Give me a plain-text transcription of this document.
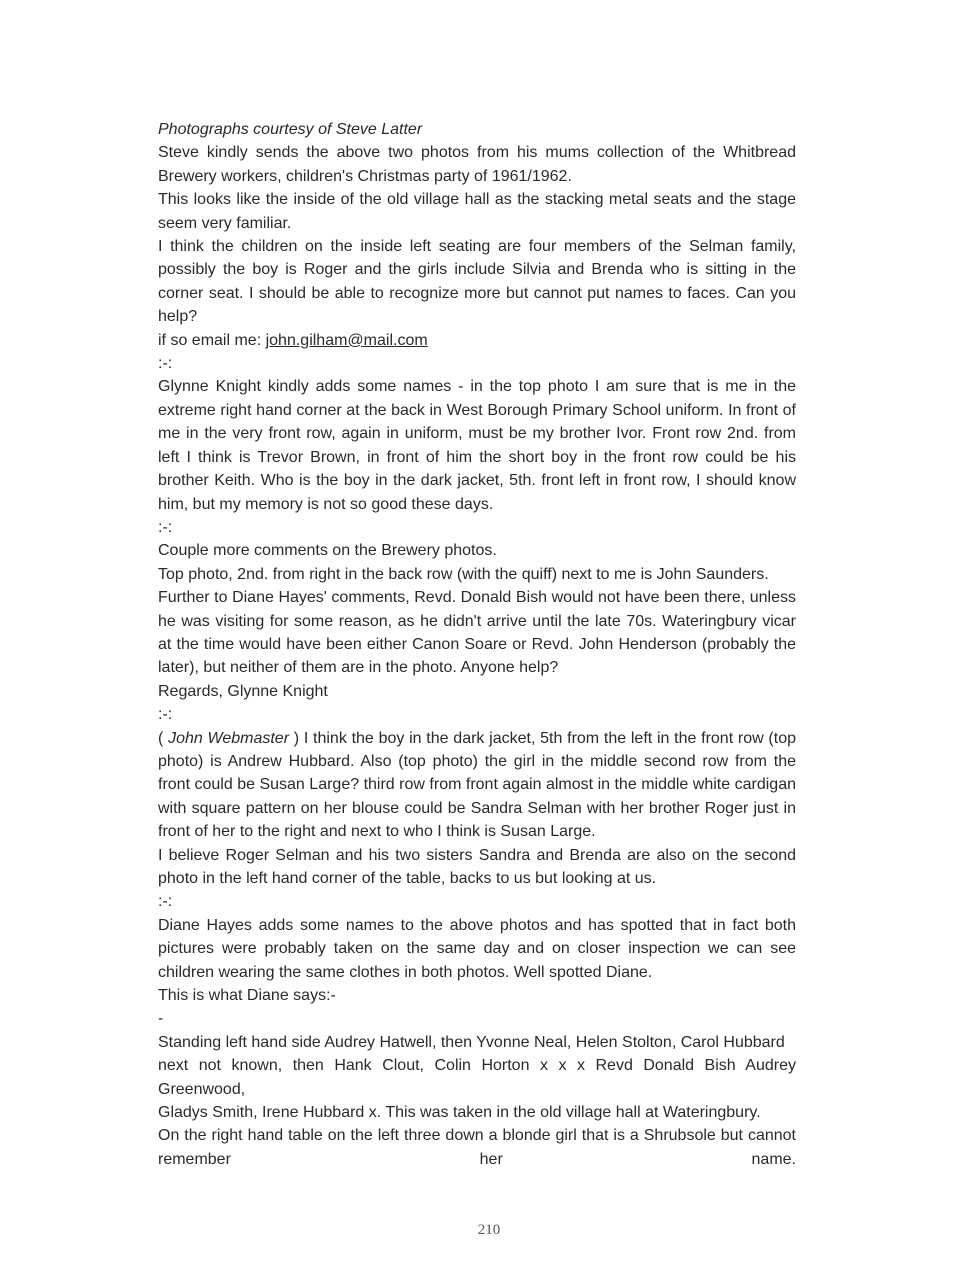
Photographs courtesy of Steve Latter

Steve kindly sends the above two photos from his mums collection of the Whitbread Brewery workers, children's Christmas party of 1961/1962.

This looks like the inside of the old village hall as the stacking metal seats and the stage seem very familiar.

I think the children on the inside left seating are four members of the Selman family, possibly the boy is Roger and the girls include Silvia and Brenda who is sitting in the corner seat. I should be able to recognize more but cannot put names to faces. Can you help?

if so email me: john.gilham@mail.com

:-:

Glynne Knight kindly adds some names - in the top photo I am sure that is me in the extreme right hand corner at the back in West Borough Primary School uniform. In front of me in the very front row, again in uniform, must be my brother Ivor. Front row 2nd. from left I think is Trevor Brown, in front of him the short boy in the front row could be his brother Keith. Who is the boy in the dark jacket, 5th. front left in front row, I should know him, but my memory is not so good these days.

:-:

Couple more comments on the Brewery photos.

Top photo, 2nd. from right in the back row (with the quiff) next to me is John Saunders.

Further to Diane Hayes' comments, Revd. Donald Bish would not have been there, unless he was visiting for some reason, as he didn't arrive until the late 70s. Wateringbury vicar at the time would have been either Canon Soare or Revd. John Henderson (probably the later), but neither of them are in the photo. Anyone help?

Regards, Glynne Knight

:-:

( John Webmaster ) I think the boy in the dark jacket, 5th from the left in the front row (top photo) is Andrew Hubbard. Also (top photo) the girl in the middle second row from the front could be Susan Large? third row from front again almost in the middle white cardigan with square pattern on her blouse could be Sandra Selman with her brother Roger just in front of her to the right and next to who I think is Susan Large.

I believe Roger Selman and his two sisters Sandra and Brenda are also on the second photo in the left hand corner of the table, backs to us but looking at us.

:-:

Diane Hayes adds some names to the above photos and has spotted that in fact both pictures were probably taken on the same day and on closer inspection we can see children wearing the same clothes in both photos. Well spotted Diane.

This is what Diane says:-

-

Standing left hand side Audrey Hatwell, then Yvonne Neal, Helen Stolton, Carol Hubbard

next not known, then Hank Clout, Colin Horton x x x Revd Donald Bish Audrey Greenwood,

Gladys Smith, Irene Hubbard x. This was taken in the old village hall at Wateringbury.

On the right hand table on the left three down a blonde girl that is a Shrubsole but cannot remember her name.

210
